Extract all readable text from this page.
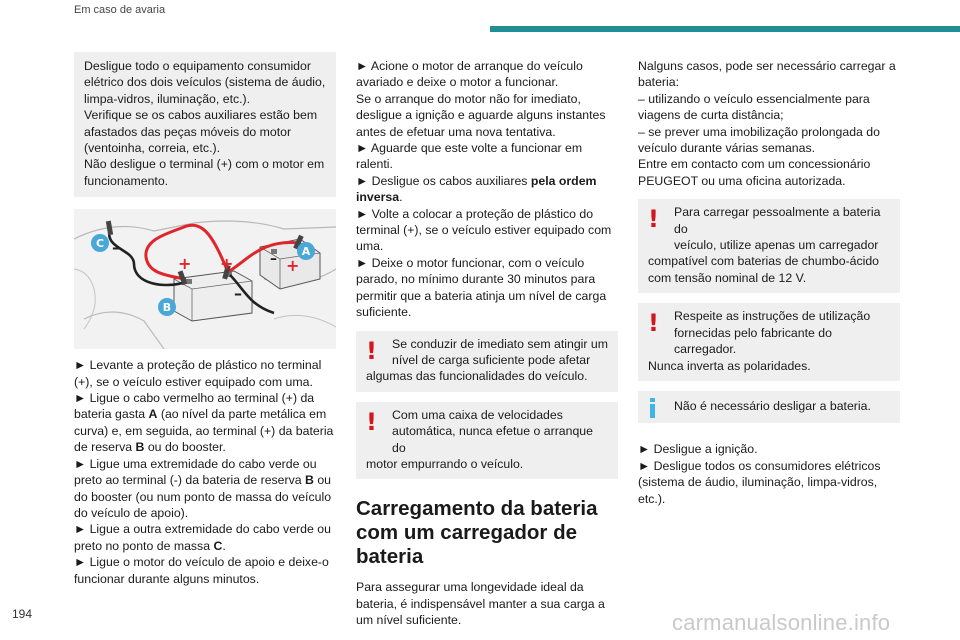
Em caso de avaria
Desligue todo o equipamento consumidor
elétrico dos dois veículos (sistema de áudio,
limpa-vidros, iluminação, etc.).
Verifique se os cabos auxiliares estão bem
afastados das peças móveis do motor
(ventoinha, correia, etc.).
Não desligue o terminal (+) com o motor em
funcionamento.
+ +	+
–
–
–
C
A
B
► Levante a proteção de plástico no terminal
(+), se o veículo estiver equipado com uma.
► Ligue o cabo vermelho ao terminal (+) da
bateria gasta A (ao nível da parte metálica em
curva) e, em seguida, ao terminal (+) da bateria
de reserva B ou do booster.
► Ligue uma extremidade do cabo verde ou
preto ao terminal (-) da bateria de reserva B ou
do booster (ou num ponto de massa do veículo
do veículo de apoio).
► Ligue a outra extremidade do cabo verde ou
preto no ponto de massa C.
► Ligue o motor do veículo de apoio e deixe-o
funcionar durante alguns minutos.
► Acione o motor de arranque do veículo
avariado e deixe o motor a funcionar.
Se o arranque do motor não for imediato,
desligue a ignição e aguarde alguns instantes
antes de efetuar uma nova tentativa.
► Aguarde que este volte a funcionar em
ralenti.
► Desligue os cabos auxiliares pela ordem
inversa.
► Volte a colocar a proteção de plástico do
terminal (+), se o veículo estiver equipado com
uma.
► Deixe o motor funcionar, com o veículo
parado, no mínimo durante 30 minutos para
permitir que a bateria atinja um nível de carga
suficiente.
!	Se conduzir de imediato sem atingir um
nível de carga suficiente pode afetar
algumas das funcionalidades do veículo.
!	Com uma caixa de velocidades
automática, nunca efetue o arranque do
motor empurrando o veículo.
Carregamento da bateria
com um carregador de
bateria
Para assegurar uma longevidade ideal da
bateria, é indispensável manter a sua carga a
um nível suficiente.
Nalguns casos, pode ser necessário carregar a
bateria:
– utilizando o veículo essencialmente para
viagens de curta distância;
– se prever uma imobilização prolongada do
veículo durante várias semanas.
Entre em contacto com um concessionário
PEUGEOT ou uma oficina autorizada.
!	Para carregar pessoalmente a bateria do
veículo, utilize apenas um carregador
compatível com baterias de chumbo-ácido
com tensão nominal de 12 V.
!	Respeite as instruções de utilização
fornecidas pelo fabricante do carregador.
Nunca inverta as polaridades.
Não é necessário desligar a bateria.
► Desligue a ignição.
► Desligue todos os consumidores elétricos
(sistema de áudio, iluminação, limpa-vidros,
etc.).
194	carmanualsonline.info
